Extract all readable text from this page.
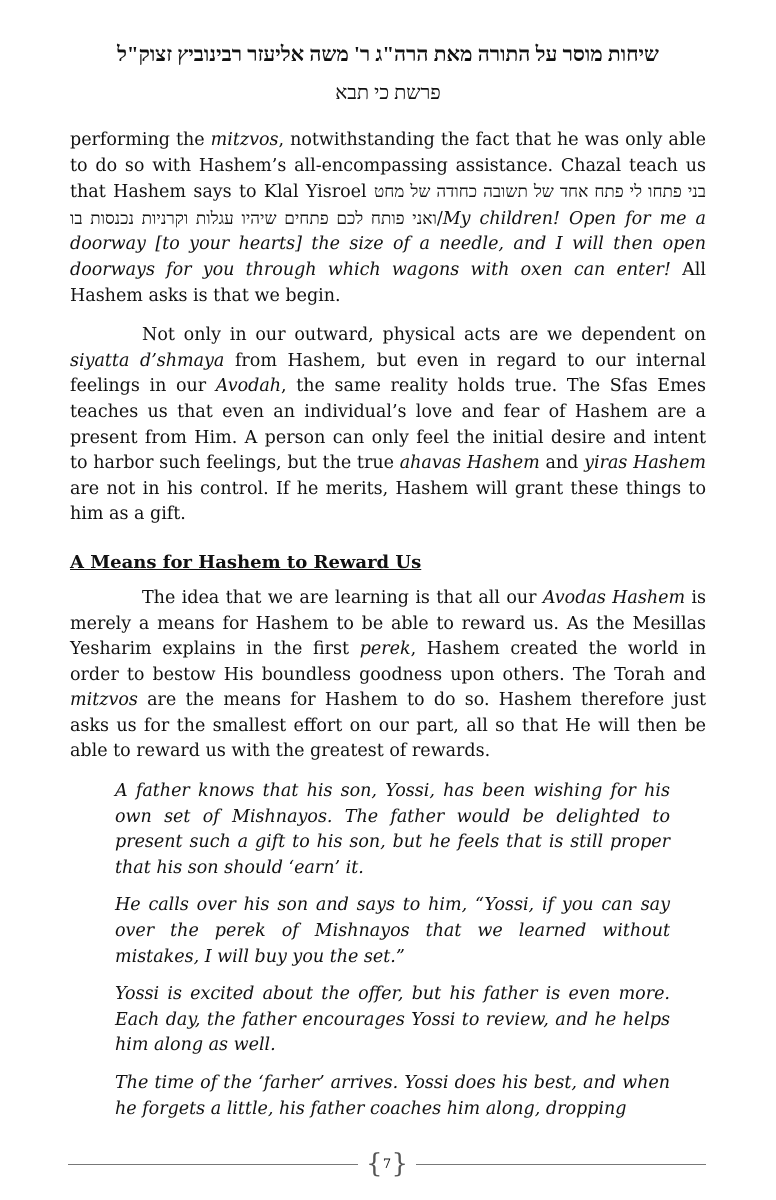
שיחות מוסר על התורה מאת הרה"ג ר' משה אליעזר רבינוביץ זצוק"ל
פרשת כי תבא

performing the mitzvos, notwithstanding the fact that he was only able to do so with Hashem’s all-encompassing assistance. Chazal teach us that Hashem says to Klal Yisroel בני פתחו לי פתח אחד של תשובה כחודה של מחט ואני פותח לכם פתחים שיהיו עגלות וקרניות נכנסות בו/My children! Open for me a doorway [to your hearts] the size of a needle, and I will then open doorways for you through which wagons with oxen can enter! All Hashem asks is that we begin.

Not only in our outward, physical acts are we dependent on siyatta d’shmaya from Hashem, but even in regard to our internal feelings in our Avodah, the same reality holds true. The Sfas Emes teaches us that even an individual’s love and fear of Hashem are a present from Him. A person can only feel the initial desire and intent to harbor such feelings, but the true ahavas Hashem and yiras Hashem are not in his control. If he merits, Hashem will grant these things to him as a gift.

A Means for Hashem to Reward Us

The idea that we are learning is that all our Avodas Hashem is merely a means for Hashem to be able to reward us. As the Mesillas Yesharim explains in the first perek, Hashem created the world in order to bestow His boundless goodness upon others. The Torah and mitzvos are the means for Hashem to do so. Hashem therefore just asks us for the smallest effort on our part, all so that He will then be able to reward us with the greatest of rewards.

A father knows that his son, Yossi, has been wishing for his own set of Mishnayos. The father would be delighted to present such a gift to his son, but he feels that is still proper that his son should ‘earn’ it.

He calls over his son and says to him, “Yossi, if you can say over the perek of Mishnayos that we learned without mistakes, I will buy you the set.”

Yossi is excited about the offer, but his father is even more. Each day, the father encourages Yossi to review, and he helps him along as well.

The time of the ‘farher’ arrives. Yossi does his best, and when he forgets a little, his father coaches him along, dropping

{ 7 }
